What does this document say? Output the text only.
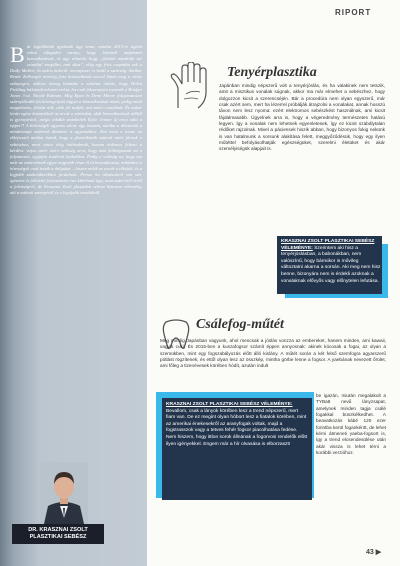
Bár legtöbbünk igyekszik úgy tenni, mintha 2015-re ugrott volna elfogadni azonyt, hogy léteznek szépészeti beavatkozások, és úgy vélnénk, hogy „feltűnő mindenki azt csinálta! megállni, ami akar”, elég egy friss csapatba sok a Daily Mailen, és máris kiderül: mennyiszer is beáll a sztárság. Amikor Renée Zellweger nemrég friss botoxoltatott arccal lépett meg a vörös szőnyegen, akkora tömeg támadta a színészt online, hogy Helen Fielding hálaimát tehetett volna, ha csak feleannyian nyeznék a Bridget Jones 3-at. Nicole Kidman, Meg Ryan és Demi Moore folyamatosan szórnyilkodik (és kövezgetjük) tágyai a beavatkozásai miatt, pedig mind magabiztos, felnőtt nők, akik jól tudják, mit miért csinálnak. És mikor lerán egész kozmetikail az arcát a sztárokat, akik beavatkozások nélkül is gyönyörűek, mégis inkább sminkeltek Kylie Jenner új arca adta a tippet?! A hírességek ugyanis szinte úgy tesznek, mintha a döntéseik a mindennapi emberek döntései is ugyanakkor. Ami most a trend, az elképesztő módon halad, hogy a plasztikázók sztárok azért járnak a sebészhez, mert nincs elég önbizalmuk, hanem érdemes felteni a kérdést: vajon azért van-e szükség arra, hogy más feldolgozzuk ezt a folyamatot, egyfajta tradíciót kialakítva. Pedig a valóság az, hogy ma már az embereknek egyre nagyobb része él át beavatkozást, miközben a hírességek csak teszik a dolgukat – hiszen nekik az arcuk a tőkéjük, és a legjobb szakemberekhez fordulnak. Persze ha túlzásokról van szó, ígéretes és fellázító folytatására van kibírható tipp, amit tudni kell erről a jelenségről, de Krasznai Zsolt plasztikai sebész biztosan vélemény, aki a sztárok szerepéről és a legújabb trendekről.
DR. KRASZNAI ZSOLT
PLASZTIKAI SEBÉSZ
RIPORT
Tenyérplasztika
Japánban mindig népszerű volt a tenyérjóslás, és ha valakinek nem tetszik, amit a misztikus vonalak súgnak, akkor ma már elmehet a sebészhez, hogy dolgozzon kicsit a szerencséjén. Bár a procedúra nem olyan egyszerű, már csak azért sem, mert ha lézerrel próbálják átrajzolni a vonalakat, annak hosszú távon nem lesz nyoma: ezért elektromos sebészkést használnak, ami kicsit fájdalmasabb. Ügyelnek arra is, hogy a végeredmény természetes hatású legyen. Így a vonalak nem lehetnek egyenletesek, így ez kicsit szabálytalan rédőket rajzolnak. Mivel a páciensek hiszik abban, hogy bizonyos fokig nekünk is van hatalmunk a sorsunk alakítása felett, meggyőződésük, hogy egy ilyen műtéttel befolyásolhatják egészségüket, szerelmi életüket és akár személyiségük alapjait is.
KRASZNAI ZSOLT PLASZTIKAI SEBÉSZ VÉLEMÉNYE: Szerintem aki hisz a tenyérjóslásban, a babonákban, nem valószínű, hogy bármikor is művileg változtatni akarna a sorsán. Aki meg nem hisz benne, bizonyára nem is érdekli azoknak a vonalaknak elővyős vagy előnytelen lefutása.
Csálefog-műtét
Még mindig Japánban vagyunk, ahol mencsak a jóslás vonzza az embereket, hanem minden, ami kawaii, vagyis cuki. És 2015-ben a kuszafogsor számít éppen annyosnak: akinek kócosak a fogai, az olyan a szemükben, mint egy fogszabályozás előtt álló kislány. A műtét során a két felső szemfogra agyarszerű pótlást rögzítenek, és ettől olyan lesz az összkép, mintha görbe lenne a fogsor. A yaebának nevezett őrület, ami főleg a tizenévesek körében hódít, azután indult
be igazán, miután megalakult a TYBa8 nevű lányzsapat, amelynek minden tagja csálé fogakkal büszkélkedhet. A beavatkozás kábé 120 ezer forintba kerül fogankéntt, de lehet kérni átmeneti yaeba-fogsort is, így a trend elcsendesülése után akár vissza is lehet térni a korábbi verzióhoz.
KRASZNAI ZSOLT PLASZTIKAI SEBÉSZ VÉLEMÉNYE: Bevallom, csak a lányok körében lesz a trend népszerű, mert fiam van. De ez megint olyan hóbort lesz a fiatalok körében, mint az amerikai énekesekről az aranyfogak voltak, majd a fogstrasszok vagy a tetves fehér fogsor piacolhatása fedése. Nem hiszem, hogy ittlon sorok állnának a fogorvosi rendelők előtt ilyen igényekkel. Engem már a hír olvasása is elborzaszt!
43 ▶
